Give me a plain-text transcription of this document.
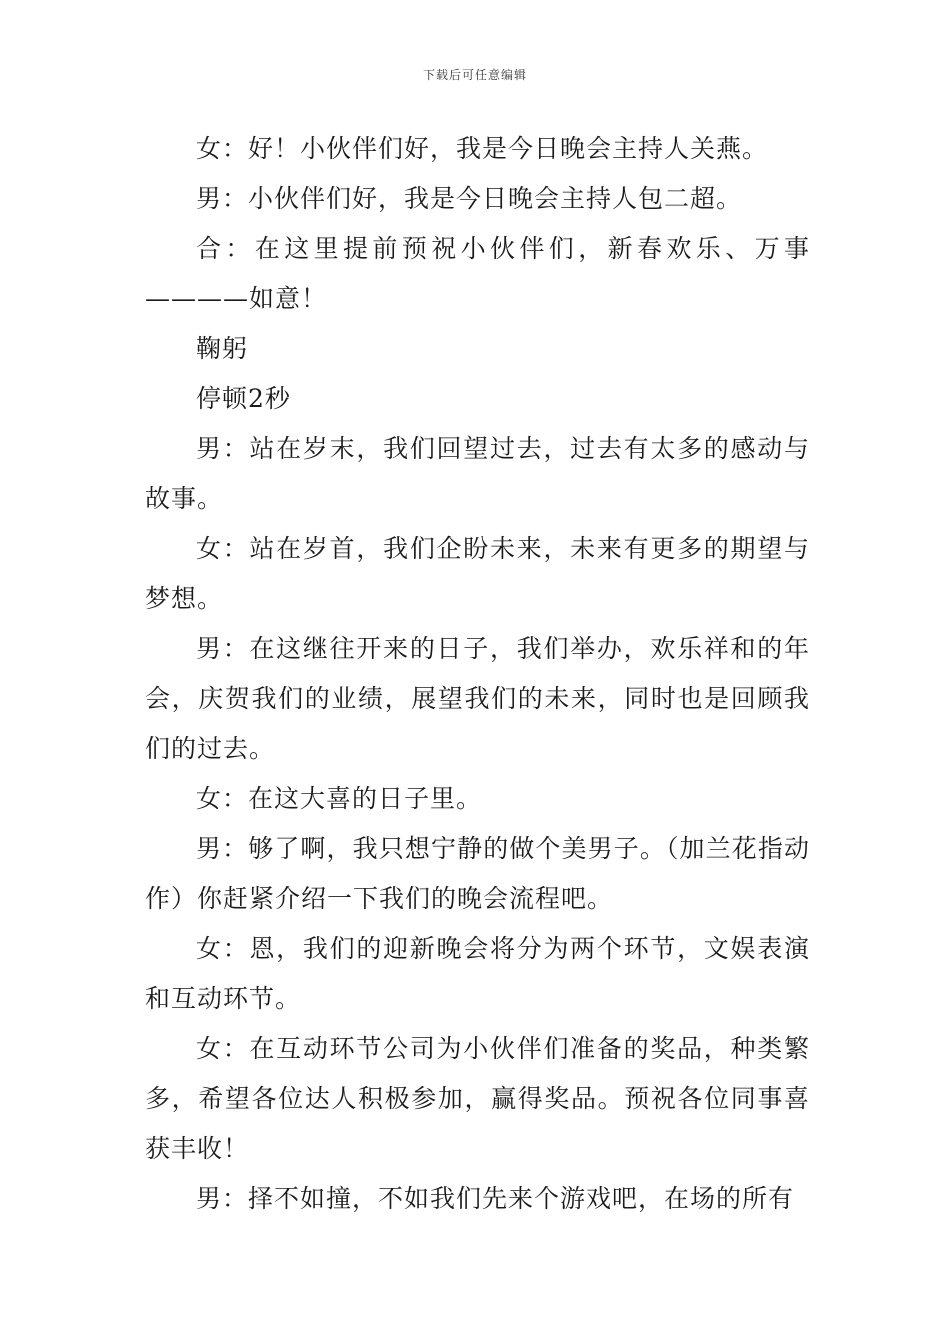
下载后可任意编辑

女：好！小伙伴们好，我是今日晚会主持人关燕。

男：小伙伴们好，我是今日晚会主持人包二超。

合：在这里提前预祝小伙伴们，新春欢乐、万事————如意！

鞠躬

停顿2秒

男：站在岁末，我们回望过去，过去有太多的感动与故事。

女：站在岁首，我们企盼未来，未来有更多的期望与梦想。

男：在这继往开来的日子，我们举办，欢乐祥和的年会，庆贺我们的业绩，展望我们的未来，同时也是回顾我们的过去。

女：在这大喜的日子里。

男：够了啊，我只想宁静的做个美男子。（加兰花指动作）你赶紧介绍一下我们的晚会流程吧。

女：恩，我们的迎新晚会将分为两个环节，文娱表演和互动环节。

女：在互动环节公司为小伙伴们准备的奖品，种类繁多，希望各位达人积极参加，赢得奖品。预祝各位同事喜获丰收！

男：择不如撞，不如我们先来个游戏吧，在场的所有
